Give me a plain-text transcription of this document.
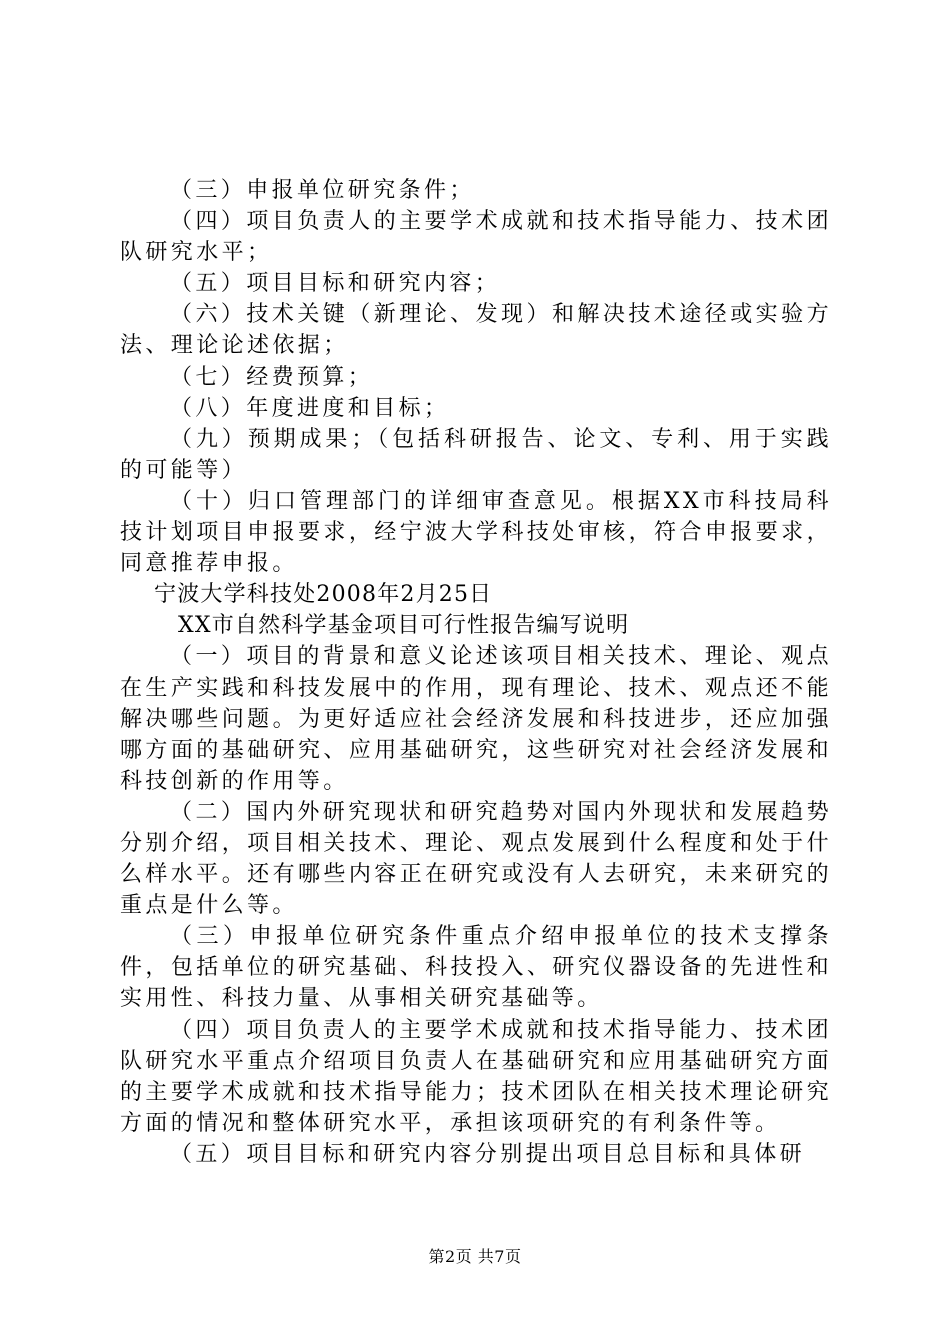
（三）申报单位研究条件；

（四）项目负责人的主要学术成就和技术指导能力、技术团队研究水平；

（五）项目目标和研究内容；

（六）技术关键（新理论、发现）和解决技术途径或实验方法、理论论述依据；

（七）经费预算；

（八）年度进度和目标；

（九）预期成果；（包括科研报告、论文、专利、用于实践的可能等）

（十）归口管理部门的详细审查意见。根据XX市科技局科技计划项目申报要求，经宁波大学科技处审核，符合申报要求，同意推荐申报。

宁波大学科技处2008年2月25日

XX市自然科学基金项目可行性报告编写说明

（一）项目的背景和意义论述该项目相关技术、理论、观点在生产实践和科技发展中的作用，现有理论、技术、观点还不能解决哪些问题。为更好适应社会经济发展和科技进步，还应加强哪方面的基础研究、应用基础研究，这些研究对社会经济发展和科技创新的作用等。

（二）国内外研究现状和研究趋势对国内外现状和发展趋势分别介绍，项目相关技术、理论、观点发展到什么程度和处于什么样水平。还有哪些内容正在研究或没有人去研究，未来研究的重点是什么等。

（三）申报单位研究条件重点介绍申报单位的技术支撑条件，包括单位的研究基础、科技投入、研究仪器设备的先进性和实用性、科技力量、从事相关研究基础等。

（四）项目负责人的主要学术成就和技术指导能力、技术团队研究水平重点介绍项目负责人在基础研究和应用基础研究方面的主要学术成就和技术指导能力；技术团队在相关技术理论研究方面的情况和整体研究水平，承担该项研究的有利条件等。

（五）项目目标和研究内容分别提出项目总目标和具体研

第2页 共7页
